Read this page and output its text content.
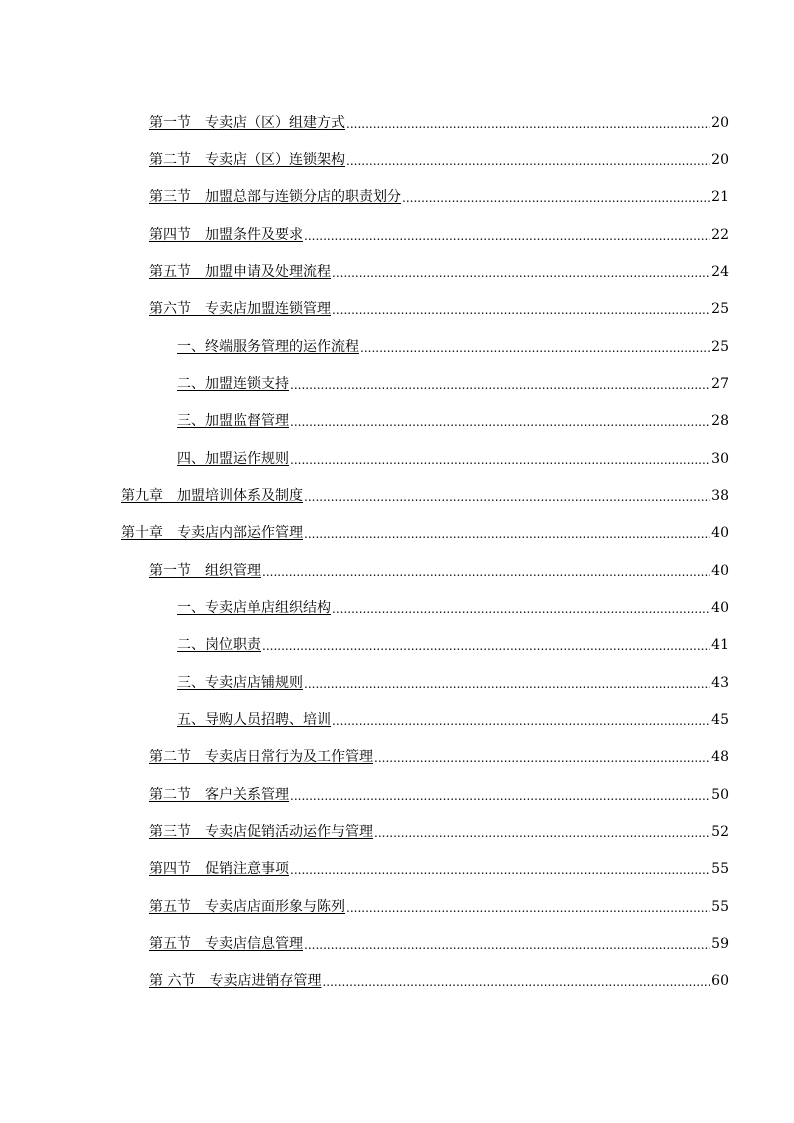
第一节　专卖店（区）组建方式 .....	20
第二节　专卖店（区）连锁架构 .....	20
第三节　加盟总部与连锁分店的职责划分 .....	21
第四节　加盟条件及要求 .....	22
第五节　加盟申请及处理流程 .....	24
第六节　专卖店加盟连锁管理 .....	25
一、终端服务管理的运作流程 .....	25
二、加盟连锁支持 .....	27
三、加盟监督管理 .....	28
四、加盟运作规则 .....	30
第九章　加盟培训体系及制度 .....	38
第十章　专卖店内部运作管理 .....	40
第一节　组织管理 .....	40
一、专卖店单店组织结构 .....	40
二、岗位职责 .....	41
三、专卖店店铺规则 .....	43
五、导购人员招聘、培训 .....	45
第二节　专卖店日常行为及工作管理 .....	48
第二节　客户关系管理 .....	50
第三节　专卖店促销活动运作与管理 .....	52
第四节　促销注意事项 .....	55
第五节　专卖店店面形象与陈列 .....	55
第五节　专卖店信息管理 .....	59
第 六节　专卖店进销存管理 .....	60
